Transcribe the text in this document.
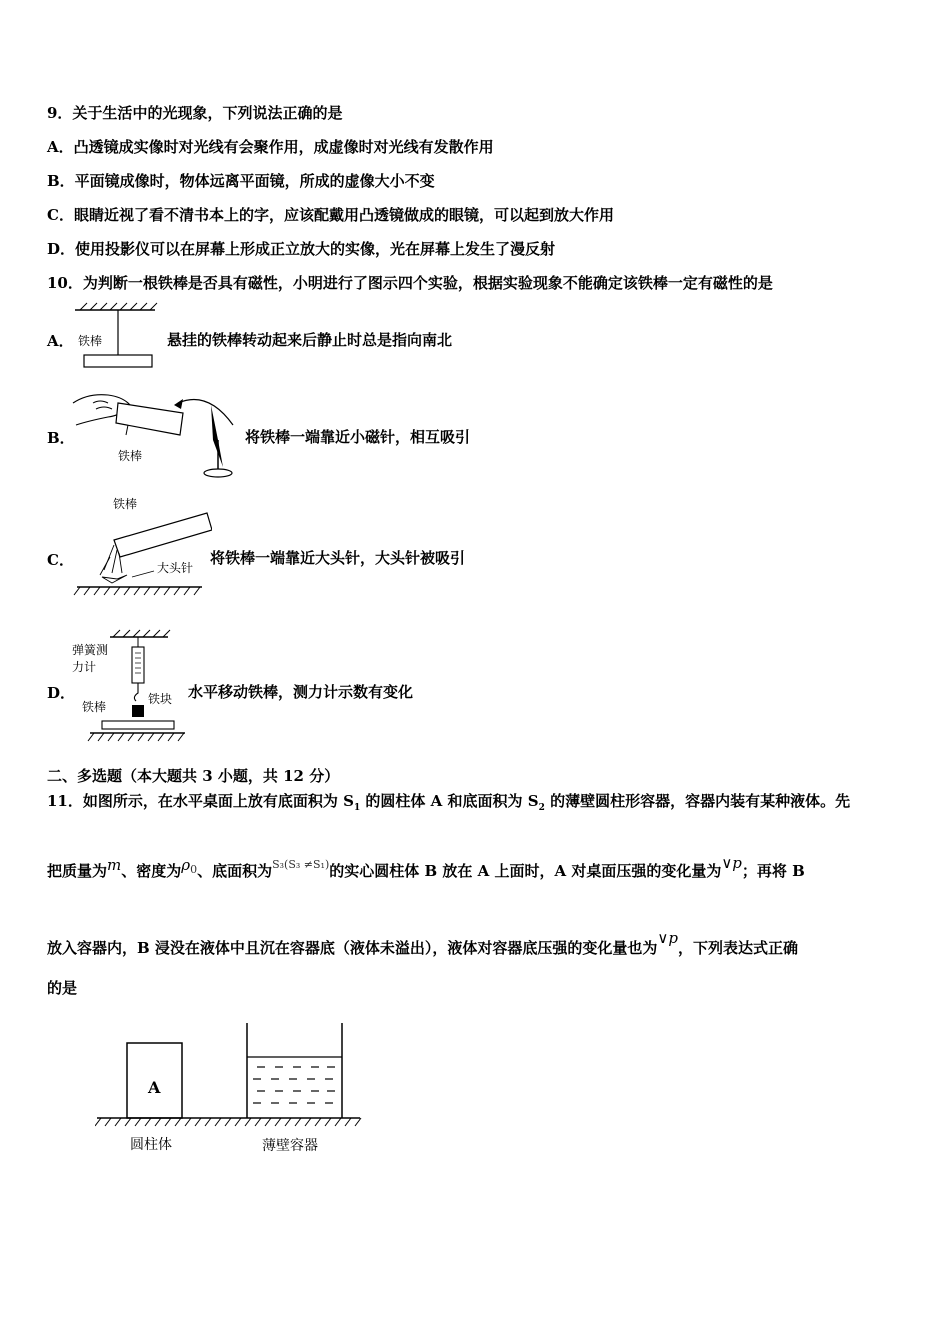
9．关于生活中的光现象，下列说法正确的是
A．凸透镜成实像时对光线有会聚作用，成虚像时对光线有发散作用
B．平面镜成像时，物体远离平面镜，所成的虚像大小不变
C．眼睛近视了看不清书本上的字，应该配戴用凸透镜做成的眼镜，可以起到放大作用
D．使用投影仪可以在屏幕上形成正立放大的实像，光在屏幕上发生了漫反射
10．为判断一根铁棒是否具有磁性，小明进行了图示四个实验，根据实验现象不能确定该铁棒一定有磁性的是
A． 铁棒	悬挂的铁棒转动起来后静止时总是指向南北
B．
铁棒
将铁棒一端靠近小磁针，相互吸引
C．
铁棒
大头针
将铁棒一端靠近大头针，大头针被吸引
D．
弹簧测
力计
铁块
铁棒
水平移动铁棒，测力计示数有变化
二、多选题（本大题共 3 小题，共 12 分）
11．如图所示，在水平桌面上放有底面积为 $S_1$ 的圆柱体 A 和底面积为 $S_2$ 的薄壁圆柱形容器，容器内装有某种液体。先
把质量为m、密度为$\rho_0$、底面积为$^{S_3(S_3 \ne S_1)}$的实心圆柱体 B 放在 A 上面时，A 对桌面压强的变化量为∨p；再将 B
放入容器内，B 浸没在液体中且沉在容器底（液体未溢出），液体对容器底压强的变化量也为∨p，下列表达式正确
的是
A
圆柱体	薄壁容器
